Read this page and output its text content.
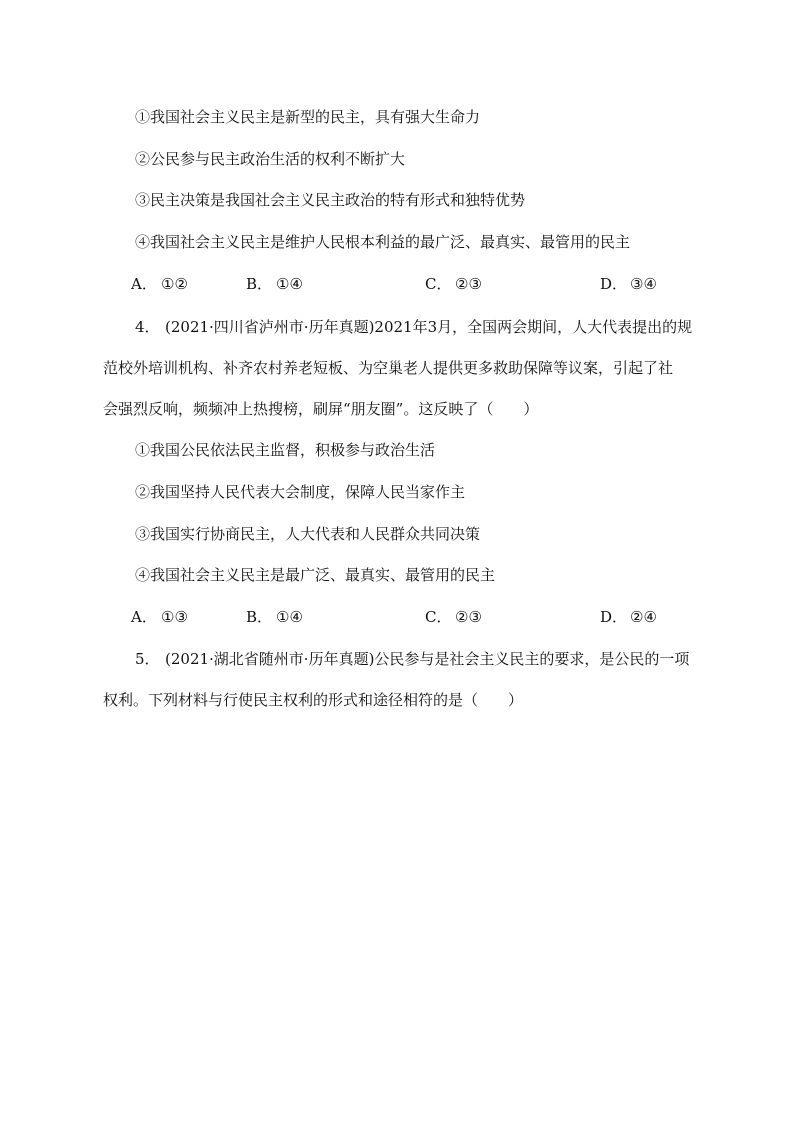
①我国社会主义民主是新型的民主，具有强大生命力
②公民参与民主政治生活的权利不断扩大
③民主决策是我国社会主义民主政治的特有形式和独特优势
④我国社会主义民主是维护人民根本利益的最广泛、最真实、最管用的民主
A． ①②	B． ①④	C． ②③	D． ③④
4． (2021·四川省泸州市·历年真题)2021年3月，全国两会期间，人大代表提出的规
范校外培训机构、补齐农村养老短板、为空巢老人提供更多救助保障等议案，引起了社
会强烈反响，频频冲上热搜榜，刷屏“朋友圈”。这反映了（　　）
①我国公民依法民主监督，积极参与政治生活
②我国坚持人民代表大会制度，保障人民当家作主
③我国实行协商民主，人大代表和人民群众共同决策
④我国社会主义民主是最广泛、最真实、最管用的民主
A． ①③	B． ①④	C． ②③	D． ②④
5． (2021·湖北省随州市·历年真题)公民参与是社会主义民主的要求，是公民的一项
权利。下列材料与行使民主权利的形式和途径相符的是（　　）
